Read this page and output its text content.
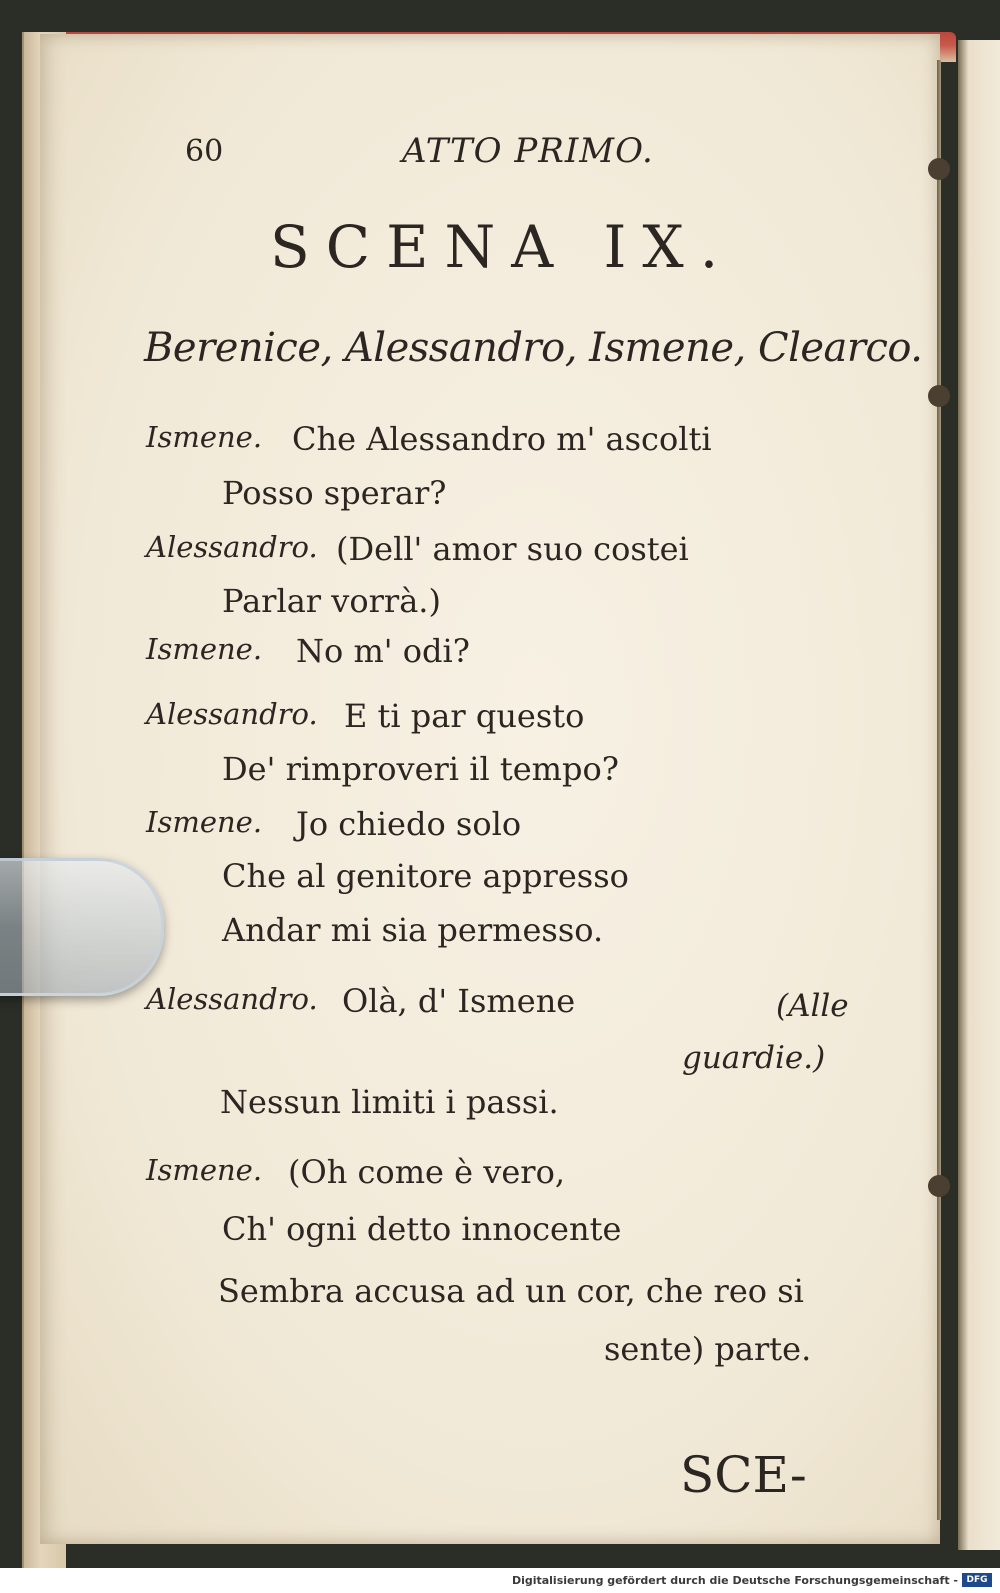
60	ATTO PRIMO.
SCENA IX.
Berenice, Alessandro, Ismene, Clearco.
Ismene. Che Alessandro m' ascolti
Posso sperar?
Alessandro. (Dell' amor suo costei
Parlar vorrà.)
Ismene. No m' odi?
Alessandro. E ti par questo
De' rimproveri il tempo?
Ismene. Jo chiedo solo
Che al genitore appresso
Andar mi sia permesso.
Alessandro. Olà, d' Ismene	(Alle
guardie.)
Nessun limiti i passi.
Ismene. (Oh come è vero,
Ch' ogni detto innocente
Sembra accusa ad un cor, che reo si
sente) parte.
SCE-
Digitalisierung gefördert durch die Deutsche Forschungsgemeinschaft - DFG
